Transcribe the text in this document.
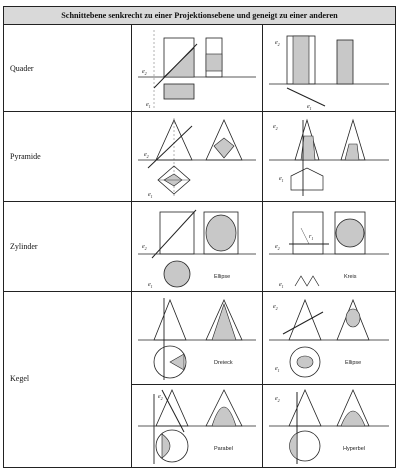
Schnittebene senkrecht zu einer Projektionsebene und geneigt zu einer anderen
Quader
Pyramide
Zylinder
Kegel
$e_2$
$e_1$
$e_2$
$e_1$
$e_2$
$e_1$
$e_2$
$e_1$
Ellipse
$e_2$
$e_1$
$r_1$
Kreis
$e_2$
$e_1$
Dreieck	Ellipse
$e_2$
$e_1$
Parabel
$e_2$
Hyperbel
$e_2$
